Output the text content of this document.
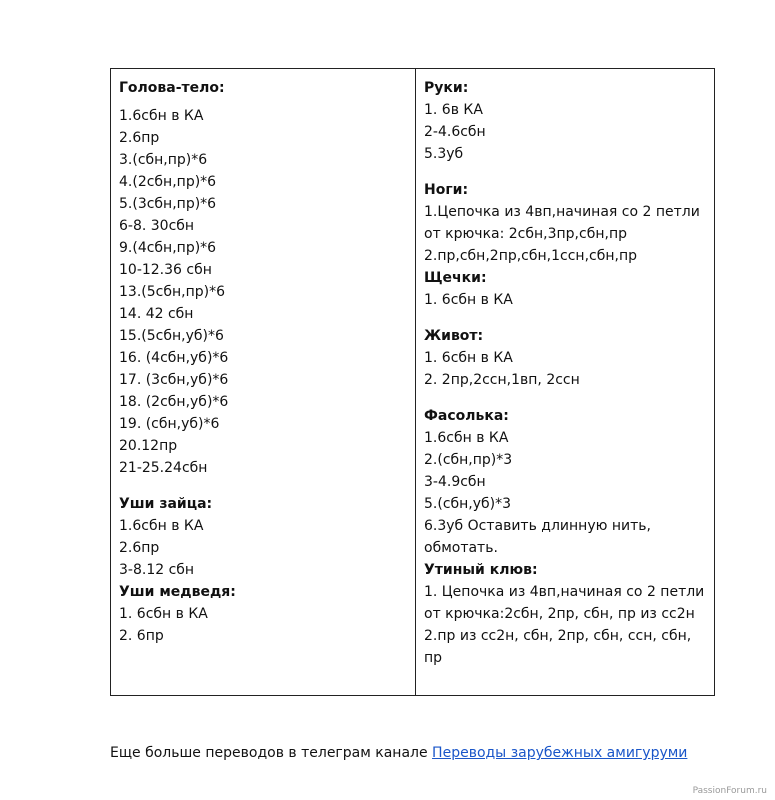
Голова-тело:
1.6сбн в КА
2.6пр
3.(сбн,пр)*6
4.(2сбн,пр)*6
5.(3сбн,пр)*6
6-8. 30сбн
9.(4сбн,пр)*6
10-12.36 сбн
13.(5сбн,пр)*6
14. 42 сбн
15.(5сбн,уб)*6
16. (4сбн,уб)*6
17. (3сбн,уб)*6
18. (2сбн,уб)*6
19. (сбн,уб)*6
20.12пр
21-25.24сбн
Уши зайца:
1.6сбн в КА
2.6пр
3-8.12 сбн
Уши медведя:
1. 6сбн в КА
2. 6пр
Руки:
1. 6в КА
2-4.6сбн
5.3уб
Ноги:
1.Цепочка из 4вп,начиная со 2 петли
от крючка: 2сбн,3пр,сбн,пр
2.пр,сбн,2пр,сбн,1ссн,сбн,пр
Щечки:
1. 6сбн в КА
Живот:
1. 6сбн в КА
2. 2пр,2ссн,1вп, 2ссн
Фасолька:
1.6сбн в КА
2.(сбн,пр)*3
3-4.9сбн
5.(сбн,уб)*3
6.3уб Оставить длинную нить,
обмотать.
Утиный клюв:
1. Цепочка из 4вп,начиная со 2 петли
от крючка:2сбн, 2пр, сбн, пр из сс2н
2.пр из сс2н, сбн, 2пр, сбн, ссн, сбн,
пр
Еще больше переводов в телеграм канале Переводы зарубежных амигуруми
PassionForum.ru
